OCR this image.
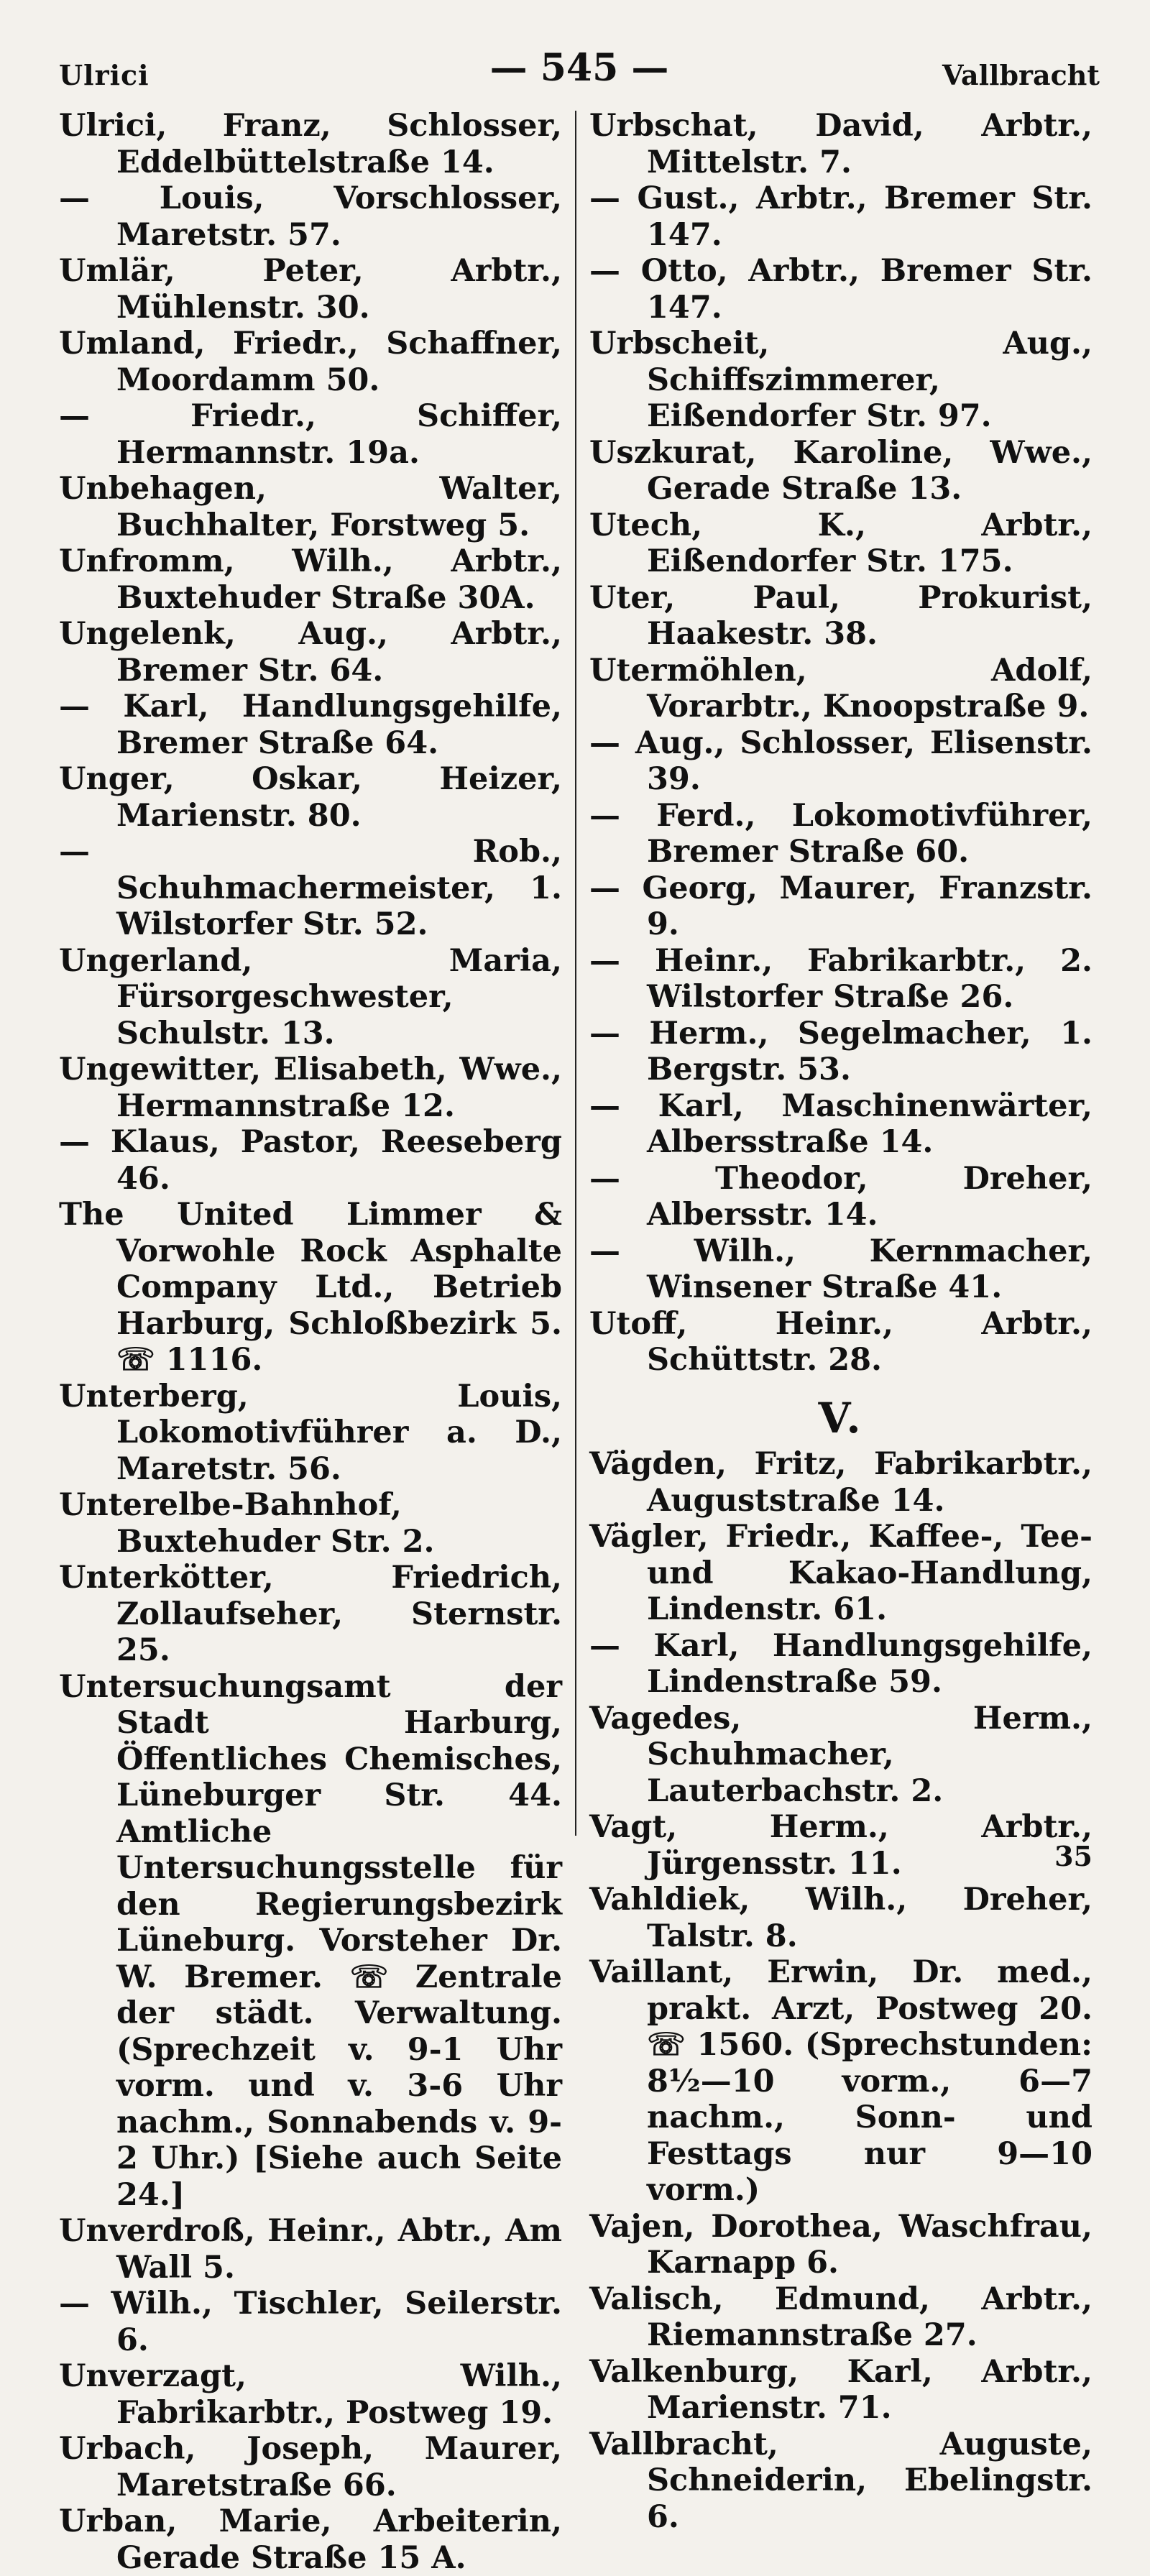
Ulrici	— 545 —	Vallbracht

Ulrici, Franz, Schlosser, Eddelbüttelstraße 14.

— Louis, Vorschlosser, Maretstr. 57.

Umlär, Peter, Arbtr., Mühlenstr. 30.

Umland, Friedr., Schaffner, Moordamm 50.

— Friedr., Schiffer, Hermannstr. 19a.

Unbehagen, Walter, Buchhalter, Forstweg 5.

Unfromm, Wilh., Arbtr., Buxtehuder Straße 30A.

Ungelenk, Aug., Arbtr., Bremer Str. 64.

— Karl, Handlungsgehilfe, Bremer Straße 64.

Unger, Oskar, Heizer, Marienstr. 80.

— Rob., Schuhmachermeister, 1. Wilstorfer Str. 52.

Ungerland, Maria, Fürsorgeschwester, Schulstr. 13.

Ungewitter, Elisabeth, Wwe., Hermannstraße 12.

— Klaus, Pastor, Reeseberg 46.

The United Limmer & Vorwohle Rock Asphalte Company Ltd., Betrieb Harburg, Schloßbezirk 5. ☏ 1116.

Unterberg, Louis, Lokomotivführer a. D., Maretstr. 56.

Unterelbe-Bahnhof, Buxtehuder Str. 2.

Unterkötter, Friedrich, Zollaufseher, Sternstr. 25.

Untersuchungsamt der Stadt Harburg, Öffentliches Chemisches, Lüneburger Str. 44. Amtliche Untersuchungsstelle für den Regierungsbezirk Lüneburg. Vorsteher Dr. W. Bremer. ☏ Zentrale der städt. Verwaltung. (Sprechzeit v. 9-1 Uhr vorm. und v. 3-6 Uhr nachm., Sonnabends v. 9-2 Uhr.) [Siehe auch Seite 24.]

Unverdroß, Heinr., Abtr., Am Wall 5.

— Wilh., Tischler, Seilerstr. 6.

Unverzagt, Wilh., Fabrikarbtr., Postweg 19.

Urbach, Joseph, Maurer, Maretstraße 66.

Urban, Marie, Arbeiterin, Gerade Straße 15 A.

Urbschat, David, Arbtr., Mittelstr. 7.

— Gust., Arbtr., Bremer Str. 147.

— Otto, Arbtr., Bremer Str. 147.

Urbscheit, Aug., Schiffszimmerer, Eißendorfer Str. 97.

Uszkurat, Karoline, Wwe., Gerade Straße 13.

Utech, K., Arbtr., Eißendorfer Str. 175.

Uter, Paul, Prokurist, Haakestr. 38.

Utermöhlen, Adolf, Vorarbtr., Knoopstraße 9.

— Aug., Schlosser, Elisenstr. 39.

— Ferd., Lokomotivführer, Bremer Straße 60.

— Georg, Maurer, Franzstr. 9.

— Heinr., Fabrikarbtr., 2. Wilstorfer Straße 26.

— Herm., Segelmacher, 1. Bergstr. 53.

— Karl, Maschinenwärter, Albersstraße 14.

— Theodor, Dreher, Albersstr. 14.

— Wilh., Kernmacher, Winsener Straße 41.

Utoff, Heinr., Arbtr., Schüttstr. 28.

V.

Vägden, Fritz, Fabrikarbtr., Auguststraße 14.

Vägler, Friedr., Kaffee-, Tee- und Kakao-Handlung, Lindenstr. 61.

— Karl, Handlungsgehilfe, Lindenstraße 59.

Vagedes, Herm., Schuhmacher, Lauterbachstr. 2.

Vagt, Herm., Arbtr., Jürgensstr. 11.

Vahldiek, Wilh., Dreher, Talstr. 8.

Vaillant, Erwin, Dr. med., prakt. Arzt, Postweg 20. ☏ 1560. (Sprechstunden: 8½—10 vorm., 6—7 nachm., Sonn- und Festtags nur 9—10 vorm.)

Vajen, Dorothea, Waschfrau, Karnapp 6.

Valisch, Edmund, Arbtr., Riemannstraße 27.

Valkenburg, Karl, Arbtr., Marienstr. 71.

Vallbracht, Auguste, Schneiderin, Ebelingstr. 6.

35
